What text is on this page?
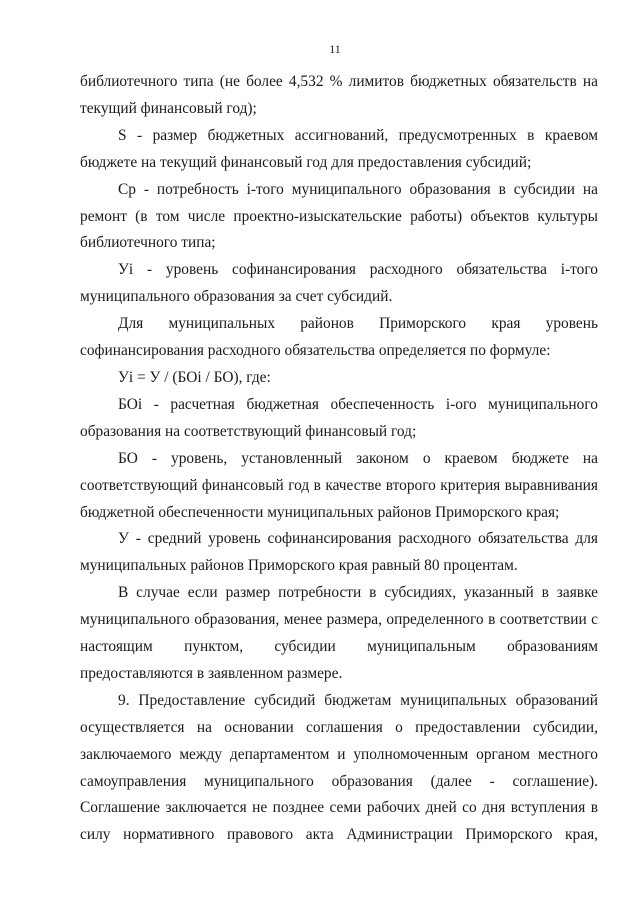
11

библиотечного типа (не более 4,532 % лимитов бюджетных обязательств на текущий финансовый год);

S - размер бюджетных ассигнований, предусмотренных в краевом бюджете на текущий финансовый год для предоставления субсидий;

Ср - потребность i-того муниципального образования в субсидии на ремонт (в том числе проектно-изыскательские работы) объектов культуры библиотечного типа;

Уi - уровень софинансирования расходного обязательства i-того муниципального образования за счет субсидий.

Для муниципальных районов Приморского края уровень софинансирования расходного обязательства определяется по формуле:

Уi = У / (БОi / БО), где:

БОi - расчетная бюджетная обеспеченность i-ого муниципального образования на соответствующий финансовый год;

БО - уровень, установленный законом о краевом бюджете на соответствующий финансовый год в качестве второго критерия выравнивания бюджетной обеспеченности муниципальных районов Приморского края;

У - средний уровень софинансирования расходного обязательства для муниципальных районов Приморского края равный 80 процентам.

В случае если размер потребности в субсидиях, указанный в заявке муниципального образования, менее размера, определенного в соответствии с настоящим пунктом, субсидии муниципальным образованиям предоставляются в заявленном размере.

9. Предоставление субсидий бюджетам муниципальных образований осуществляется на основании соглашения о предоставлении субсидии, заключаемого между департаментом и уполномоченным органом местного самоуправления муниципального образования (далее - соглашение). Соглашение заключается не позднее семи рабочих дней со дня вступления в силу нормативного правового акта Администрации Приморского края,
